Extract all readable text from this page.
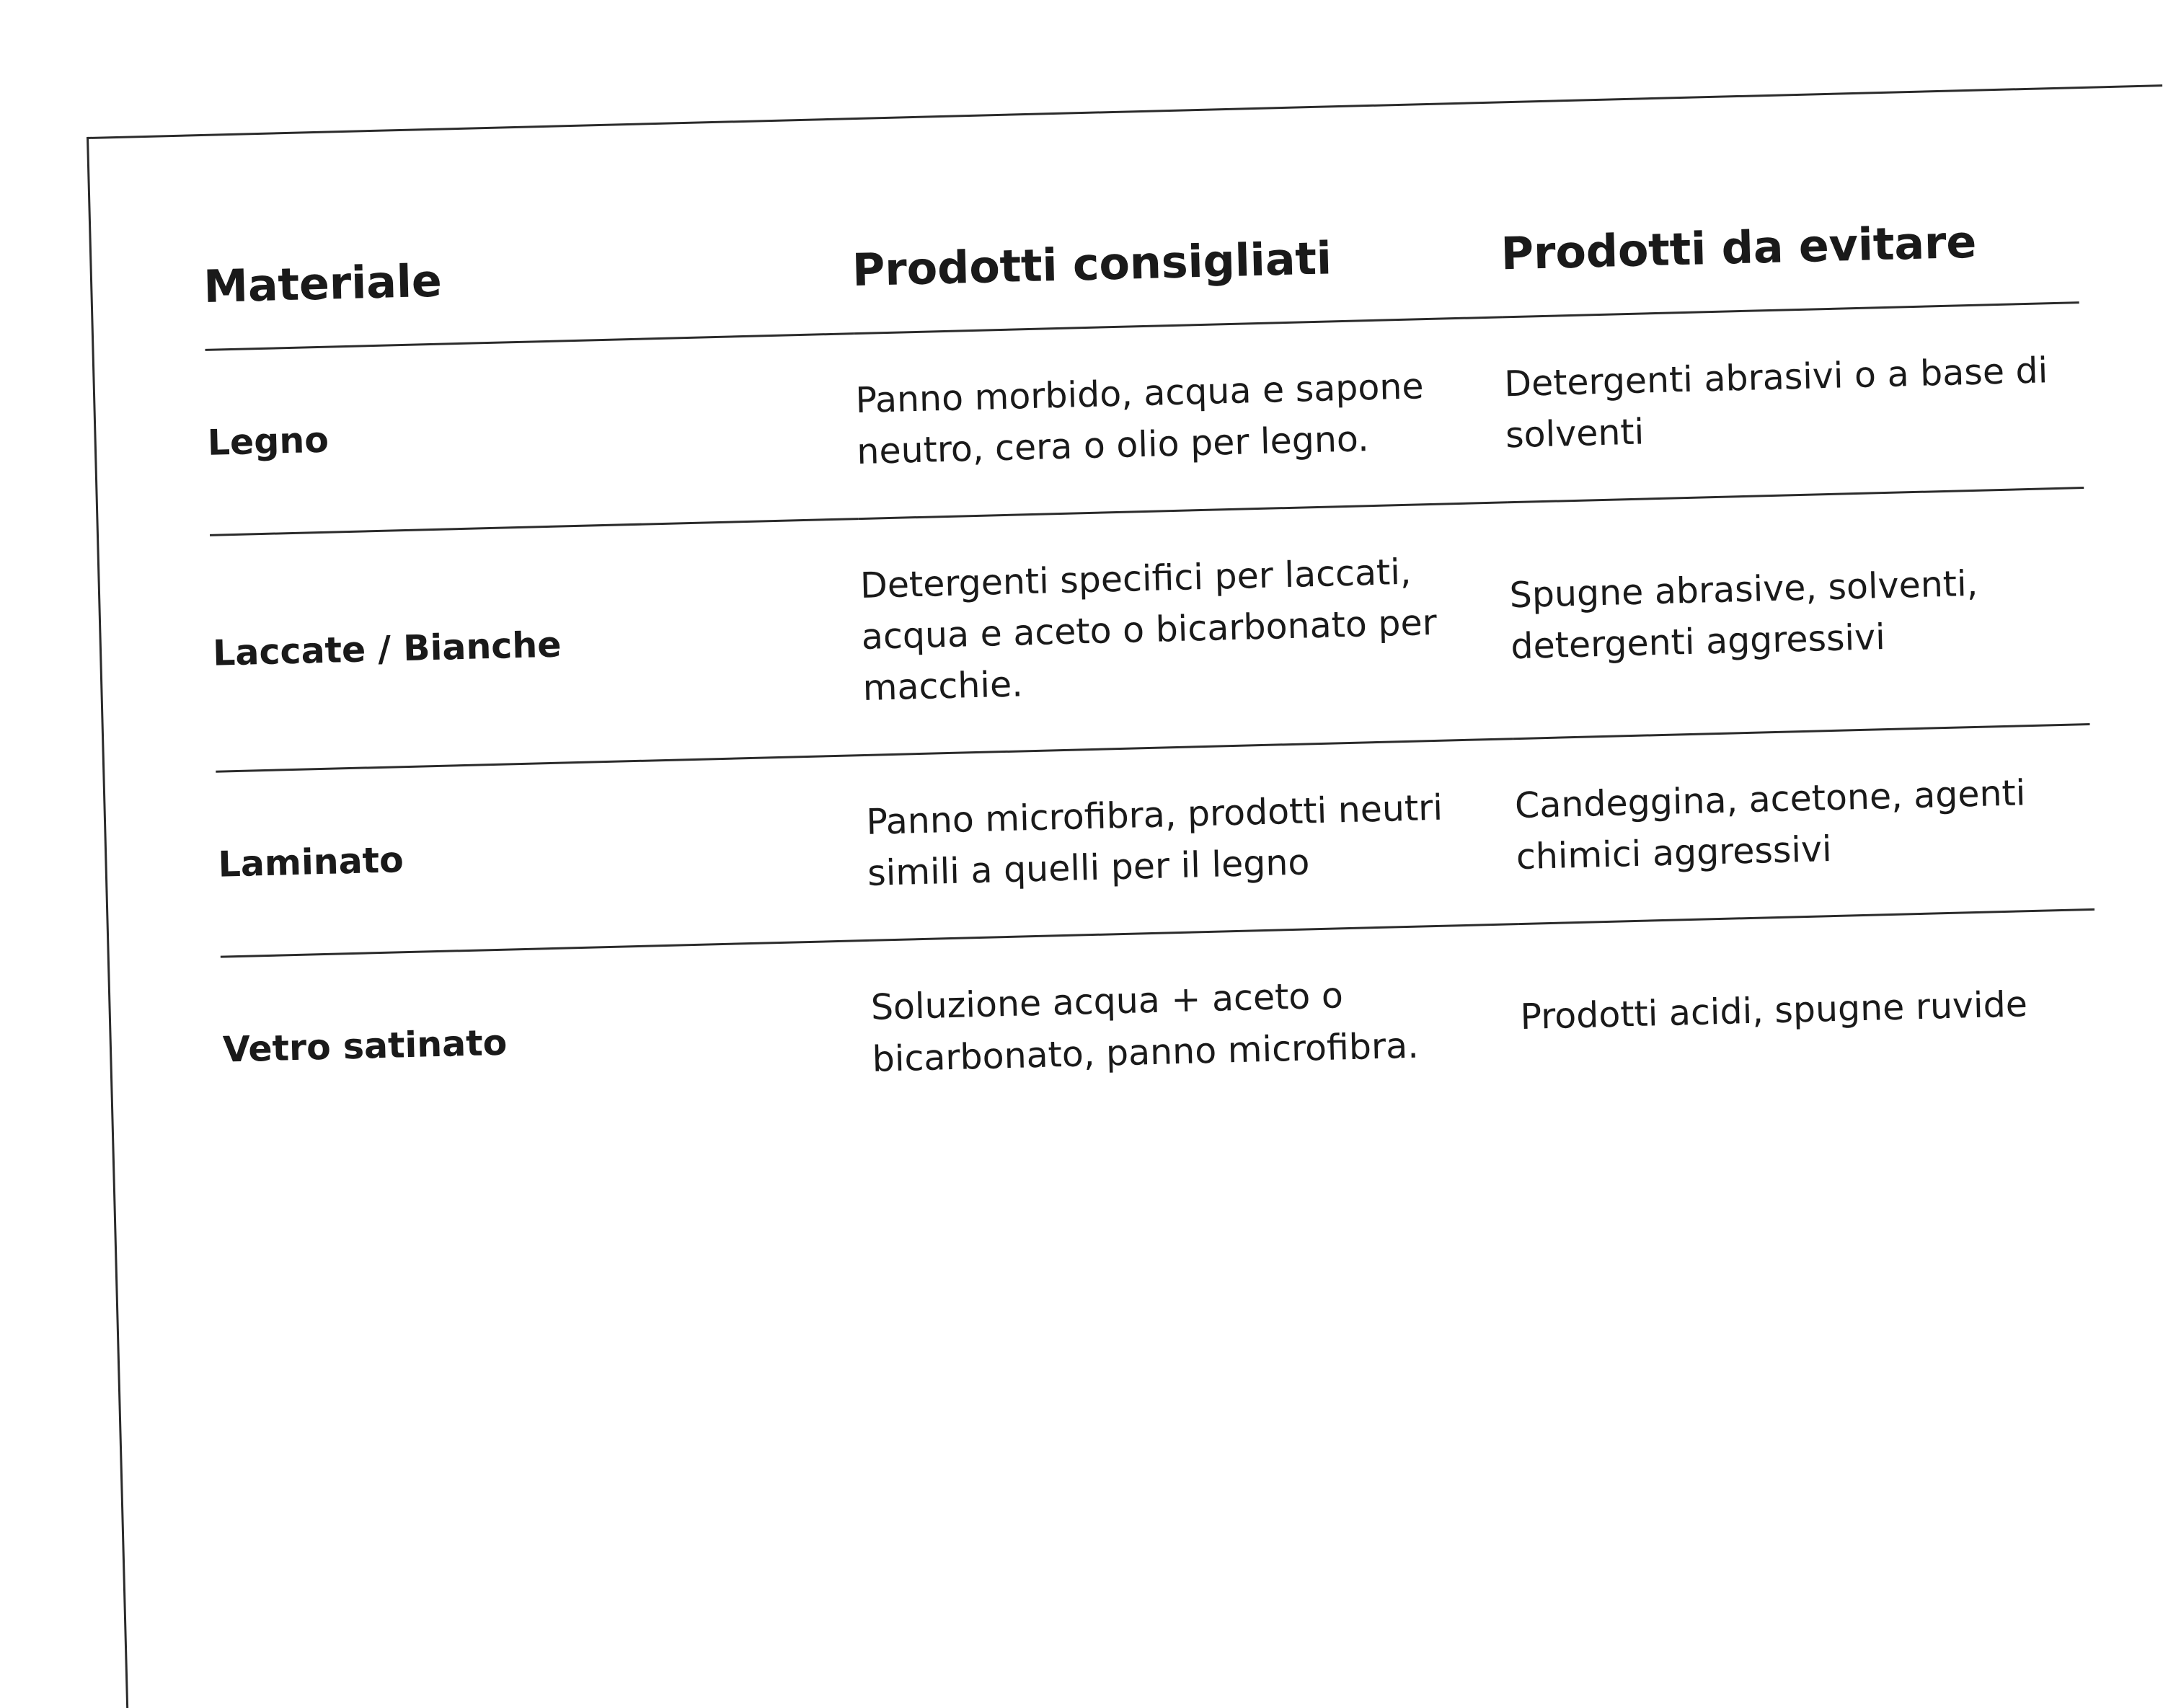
Materiale	Prodotti consigliati	Prodotti da evitare
Legno	Panno morbido, acqua e sapone neutro, cera o olio per legno.	Detergenti abrasivi o a base di solventi
Laccate / Bianche	Detergenti specifici per laccati, acqua e aceto o bicarbonato per macchie.	Spugne abrasive, solventi, detergenti aggressivi
Laminato	Panno microfibra, prodotti neutri simili a quelli per il legno	Candeggina, acetone, agenti chimici aggressivi
Vetro satinato	Soluzione acqua + aceto o bicarbonato, panno microfibra.	Prodotti acidi, spugne ruvide
